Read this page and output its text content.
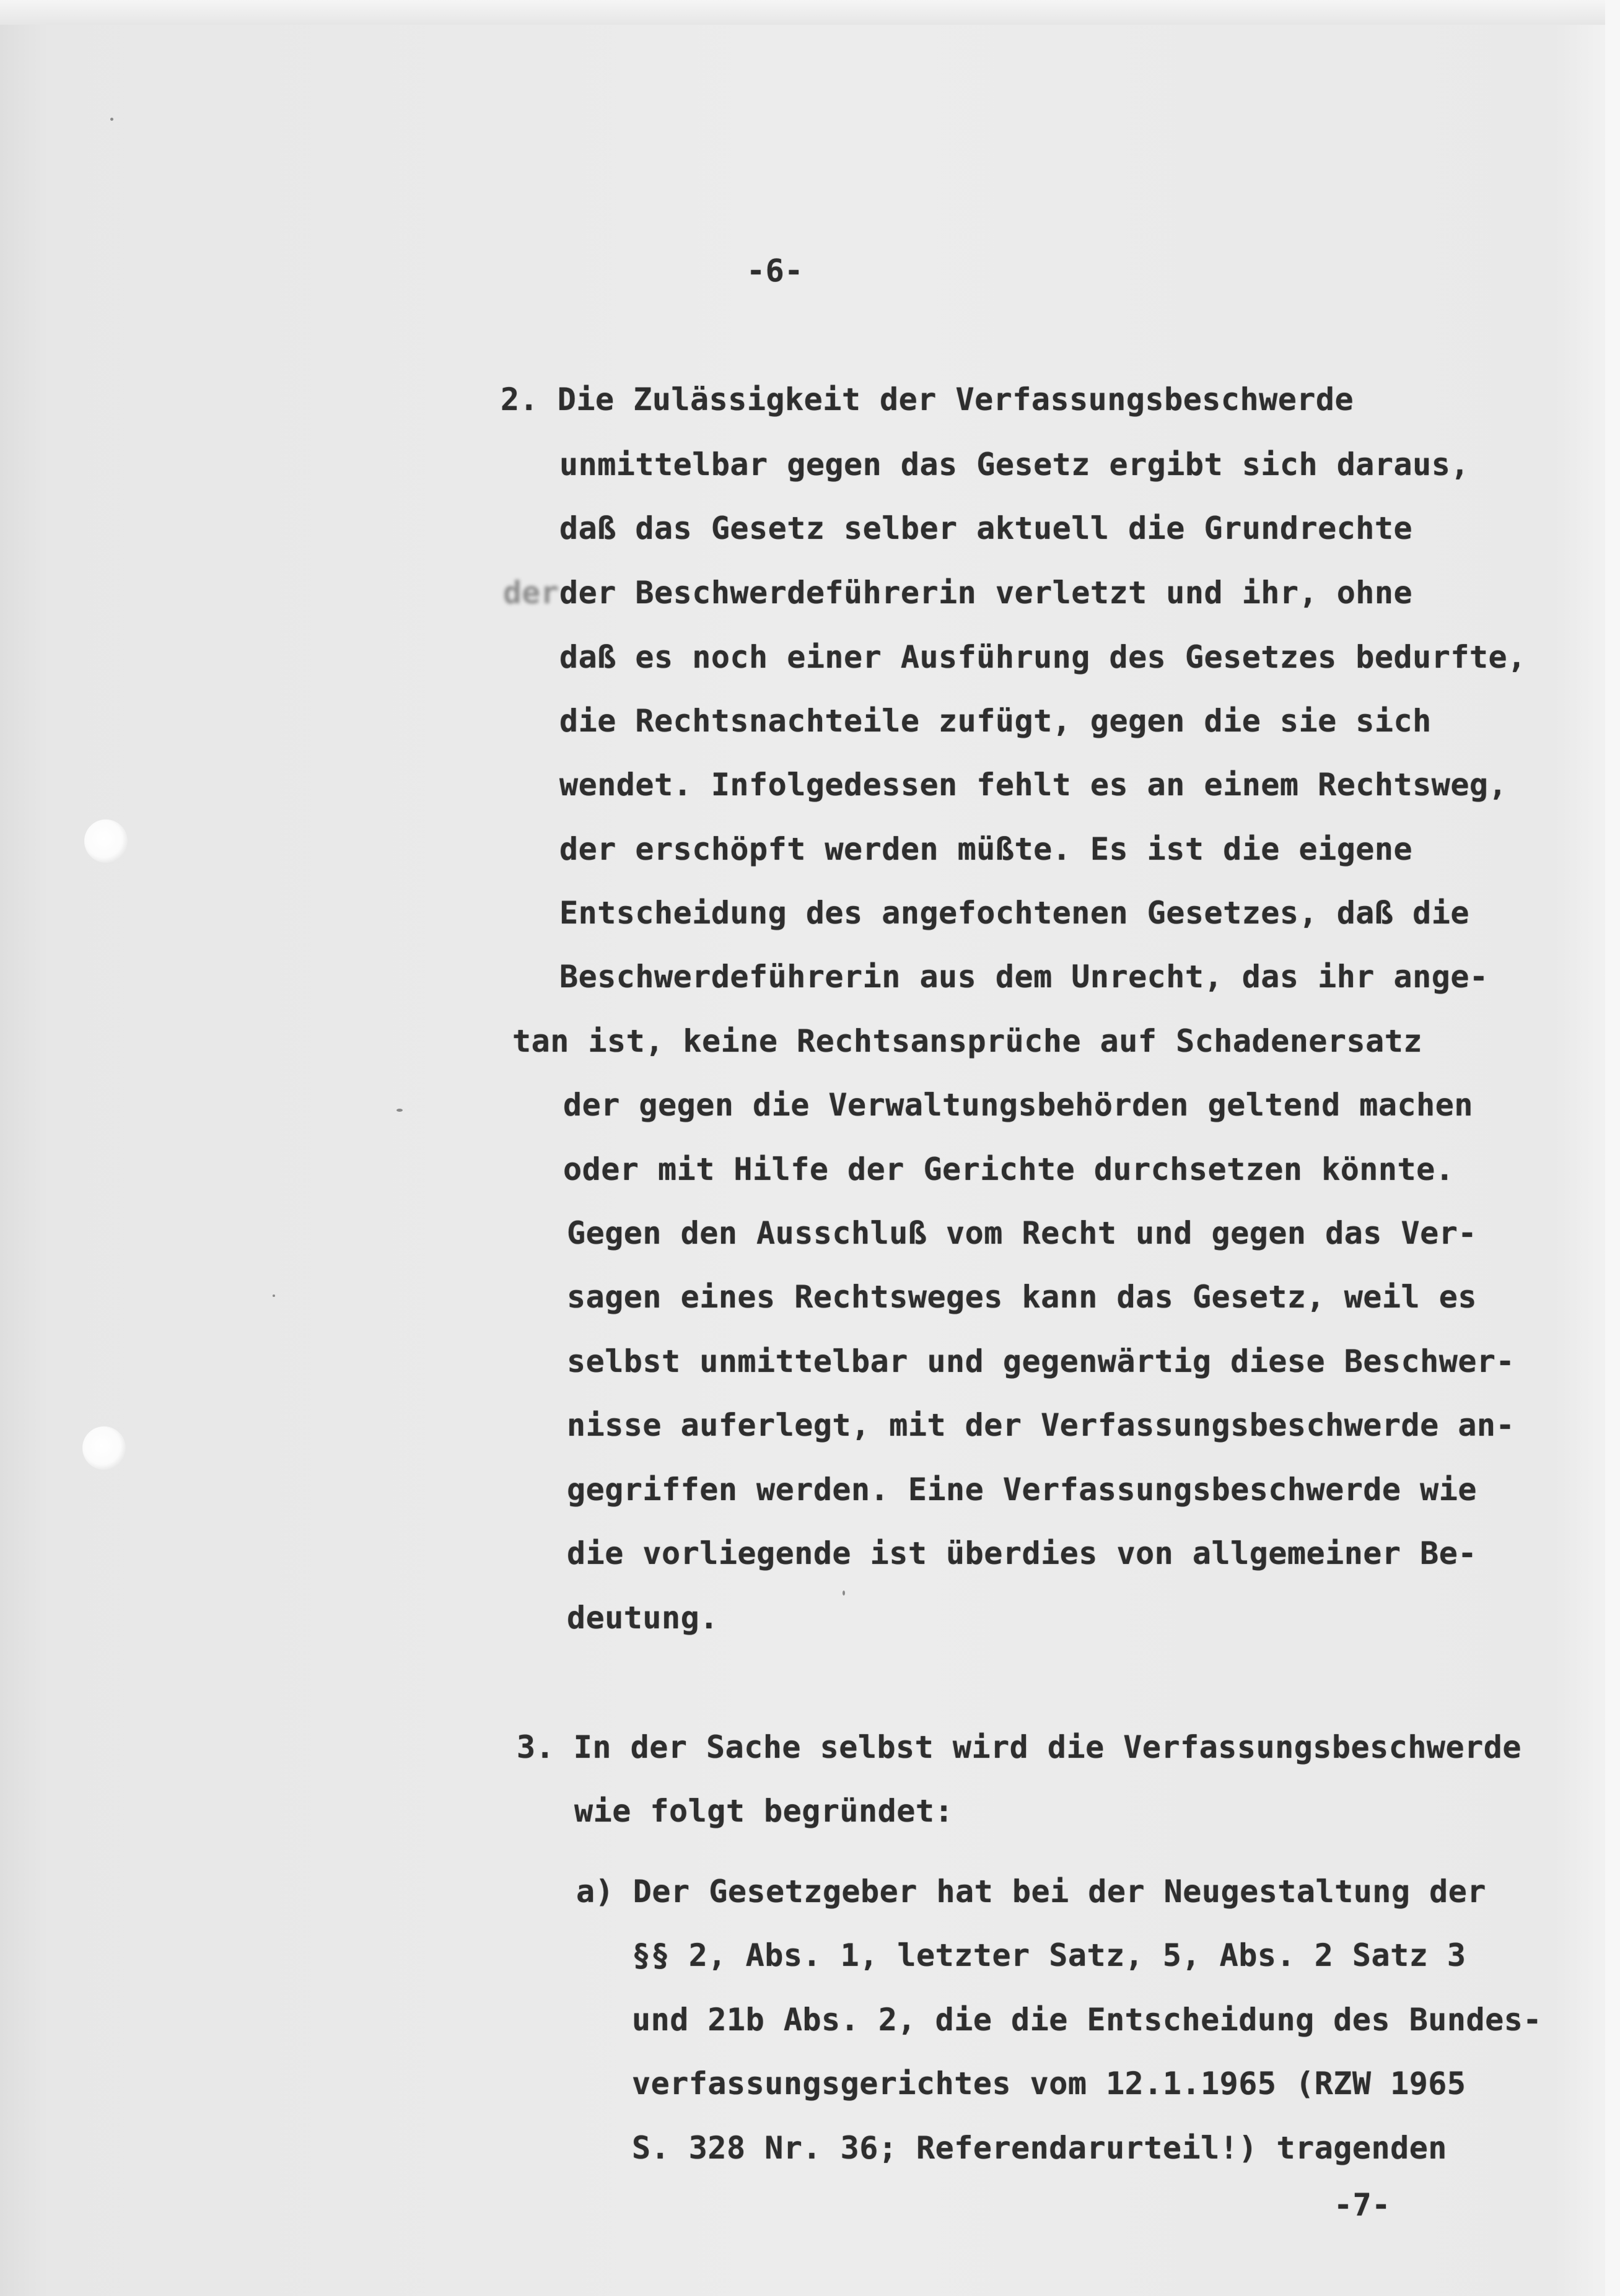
-6-
2. Die Zulässigkeit der Verfassungsbeschwerde
unmittelbar gegen das Gesetz ergibt sich daraus,
daß das Gesetz selber aktuell die Grundrechte
der der Beschwerdeführerin verletzt und ihr, ohne
daß es noch einer Ausführung des Gesetzes bedurfte,
die Rechtsnachteile zufügt, gegen die sie sich
wendet. Infolgedessen fehlt es an einem Rechtsweg,
der erschöpft werden müßte. Es ist die eigene
Entscheidung des angefochtenen Gesetzes, daß die
Beschwerdeführerin aus dem Unrecht, das ihr ange-
tan ist, keine Rechtsansprüche auf Schadenersatz
der gegen die Verwaltungsbehörden geltend machen
oder mit Hilfe der Gerichte durchsetzen könnte.
Gegen den Ausschluß vom Recht und gegen das Ver-
sagen eines Rechtsweges kann das Gesetz, weil es
selbst unmittelbar und gegenwärtig diese Beschwer-
nisse auferlegt, mit der Verfassungsbeschwerde an-
gegriffen werden. Eine Verfassungsbeschwerde wie
die vorliegende ist überdies von allgemeiner Be-
deutung.
3. In der Sache selbst wird die Verfassungsbeschwerde
wie folgt begründet:
a) Der Gesetzgeber hat bei der Neugestaltung der
§§ 2, Abs. 1, letzter Satz, 5, Abs. 2 Satz 3
und 21b Abs. 2, die die Entscheidung des Bundes-
verfassungsgerichtes vom 12.1.1965 (RZW 1965
S. 328 Nr. 36; Referendarurteil!) tragenden
-7-
